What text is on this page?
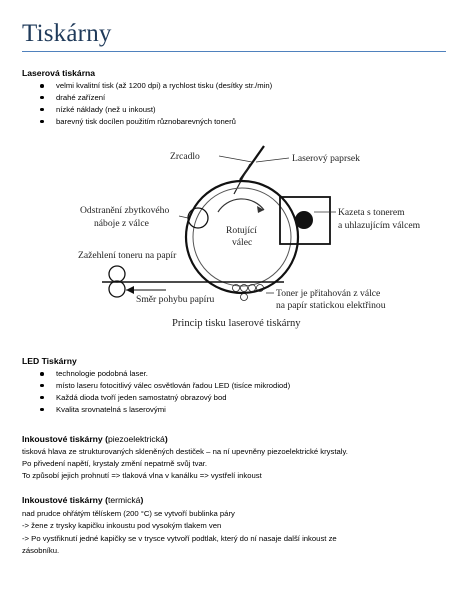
Tiskárny
Laserová tiskárna
velmi kvalitní tisk (až 1200 dpi) a rychlost tisku (desítky str./min)
drahé zařízení
nízké náklady (než u inkoust)
barevný tisk docílen použitím různobarevných tonerů
Zrcadlo	Laserový paprsek
Odstranění zbytkového
náboje z válce
Rotující
válec
Kazeta s tonerem
a uhlazujícím válcem
Zažehlení toneru na papír
Směr pohybu papíru
Toner je přitahován z válce
na papír statickou elektřinou
Princip tisku laserové tiskárny
LED Tiskárny
technologie podobná laser.
místo laseru fotocitlivý válec osvětlován řadou LED (tisíce mikrodiod)
Každá dioda tvoří jeden samostatný obrazový bod
Kvalita srovnatelná s laserovými
Inkoustové tiskárny (piezoelektrická)
tisková hlava ze strukturovaných skleněných destiček – na ní upevněny piezoelektrické krystaly.
Po přivedení napětí, krystaly změní nepatrně svůj tvar.
To způsobí jejich prohnutí => tlaková vlna v kanálku => vystřelí inkoust
Inkoustové tiskárny (termická)
nad prudce ohřátým tělískem (200 °C) se vytvoří bublinka páry
-> žene z trysky kapičku inkoustu pod vysokým tlakem ven
-> Po vystřiknutí jedné kapičky se v trysce vytvoří podtlak, který do ní nasaje další inkoust ze
zásobníku.
